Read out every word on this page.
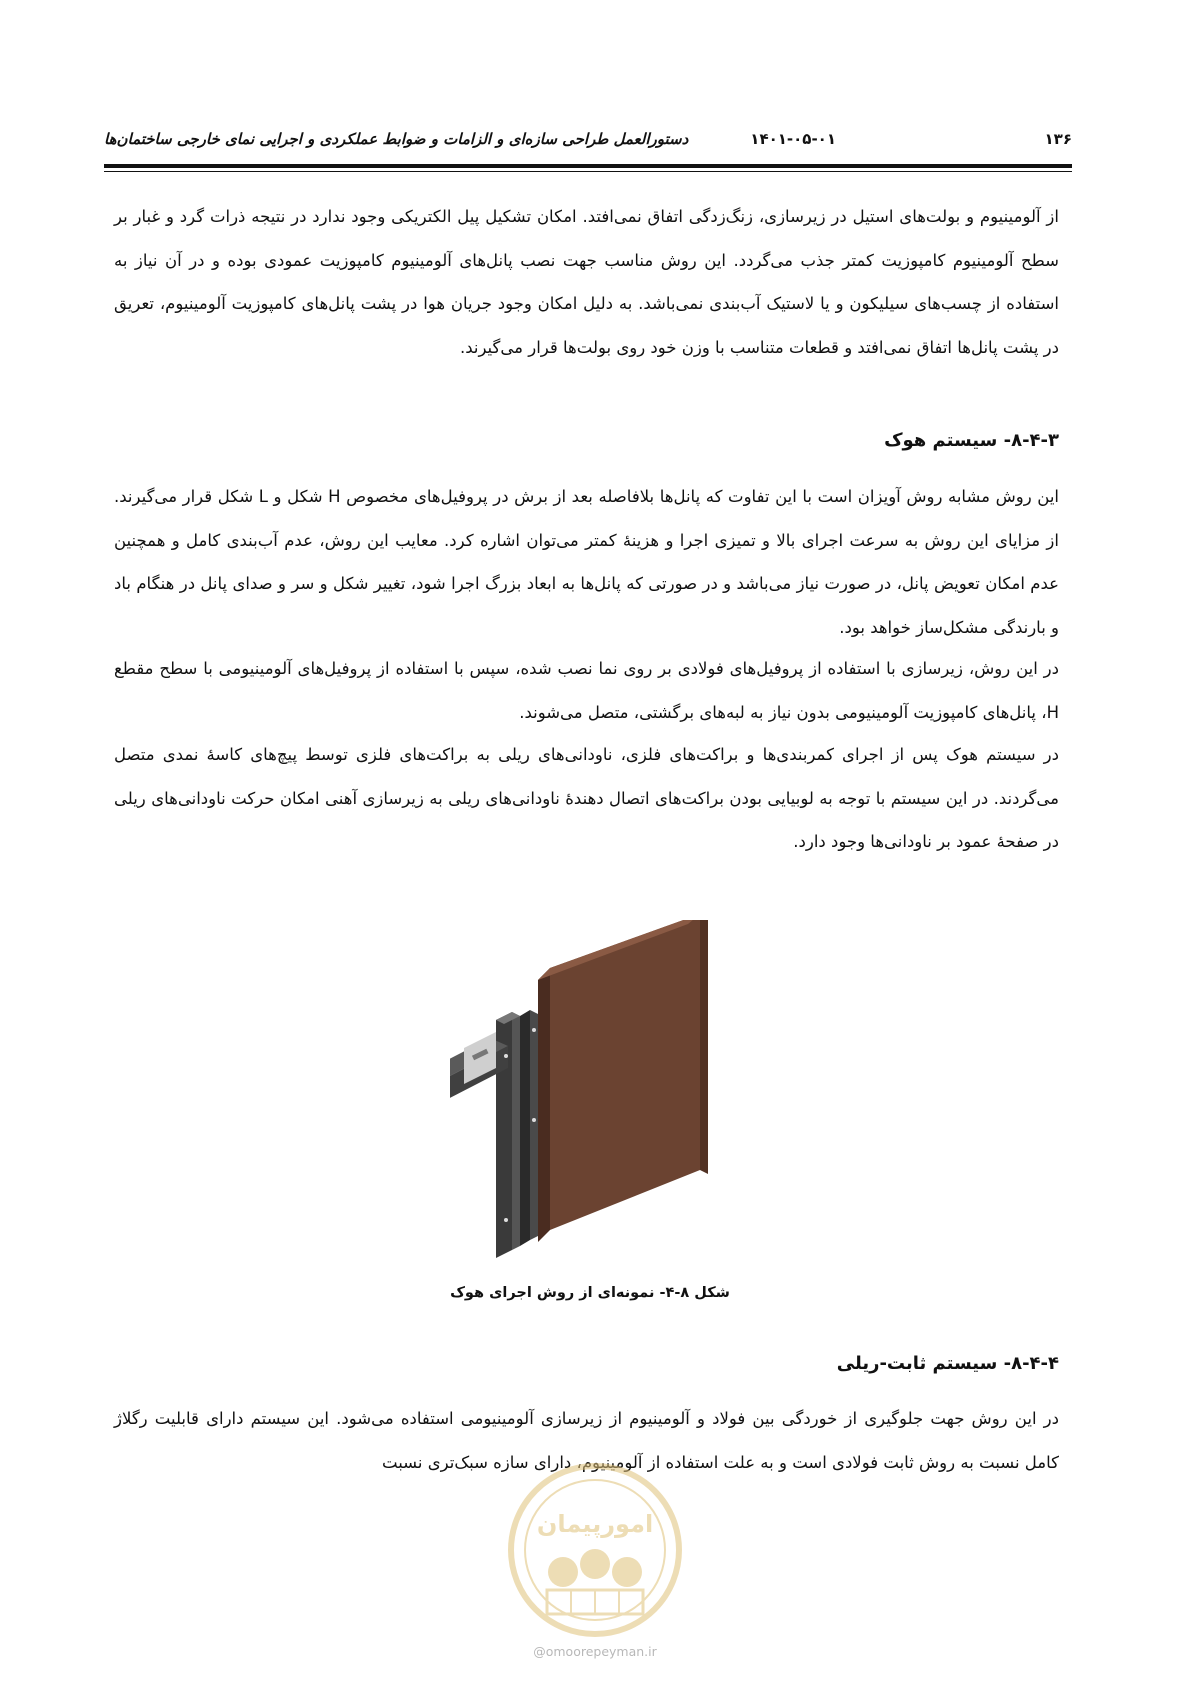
۱۳۶
۱۴۰۱-۰۵-۰۱
دستورالعمل طراحی سازه‌ای و الزامات و ضوابط عملکردی و اجرایی نمای خارجی ساختمان‌ها
از آلومینیوم و بولت‌های استیل در زیرسازی، زنگ‌زدگی اتفاق نمی‌افتد. امکان تشکیل پیل الکتریکی وجود ندارد در نتیجه ذرات گرد و غبار بر سطح آلومینیوم کامپوزیت کمتر جذب می‌گردد. این روش مناسب جهت نصب پانل‌های آلومینیوم کامپوزیت عمودی بوده و در آن نیاز به استفاده از چسب‌های سیلیکون و یا لاستیک آب‌بندی نمی‌باشد. به دلیل امکان وجود جریان هوا در پشت پانل‌های کامپوزیت آلومینیوم، تعریق در پشت پانل‌ها اتفاق نمی‌افتد و قطعات متناسب با وزن خود روی بولت‌ها قرار می‌گیرند.
۸-۴-۳- سیستم هوک
این روش مشابه روش آویزان است با این تفاوت که پانل‌ها بلافاصله بعد از برش در پروفیل‌های مخصوص H شکل و L شکل قرار می‌گیرند. از مزایای این روش به سرعت اجرای بالا و تمیزی اجرا و هزینهٔ کمتر می‌توان اشاره کرد. معایب این روش، عدم آب‌بندی کامل و همچنین عدم امکان تعویض پانل، در صورت نیاز می‌باشد و در صورتی که پانل‌ها به ابعاد بزرگ اجرا شود، تغییر شکل و سر و صدای پانل در هنگام باد و بارندگی مشکل‌ساز خواهد بود.
در این روش، زیرسازی با استفاده از پروفیل‌های فولادی بر روی نما نصب شده، سپس با استفاده از پروفیل‌های آلومینیومی با سطح مقطع H، پانل‌های کامپوزیت آلومینیومی بدون نیاز به لبه‌های برگشتی، متصل می‌شوند.
در سیستم هوک پس از اجرای کمربندی‌ها و براکت‌های فلزی، ناودانی‌های ریلی به براکت‌های فلزی توسط پیچ‌های کاسهٔ نمدی متصل می‌گردند. در این سیستم با توجه به لوبیایی بودن براکت‌های اتصال دهندهٔ ناودانی‌های ریلی به زیرسازی آهنی امکان حرکت ناودانی‌های ریلی در صفحهٔ عمود بر ناودانی‌ها وجود دارد.
شکل ۸-۴- نمونه‌ای از روش اجرای هوک
۸-۴-۴- سیستم ثابت-ریلی
در این روش جهت جلوگیری از خوردگی بین فولاد و آلومینیوم از زیرسازی آلومینیومی استفاده می‌شود. این سیستم دارای قابلیت رگلاژ کامل نسبت به روش ثابت فولادی است و به علت استفاده از آلومینیوم، دارای سازه سبک‌تری نسبت
امورپیمان
@omoorepeyman.ir
